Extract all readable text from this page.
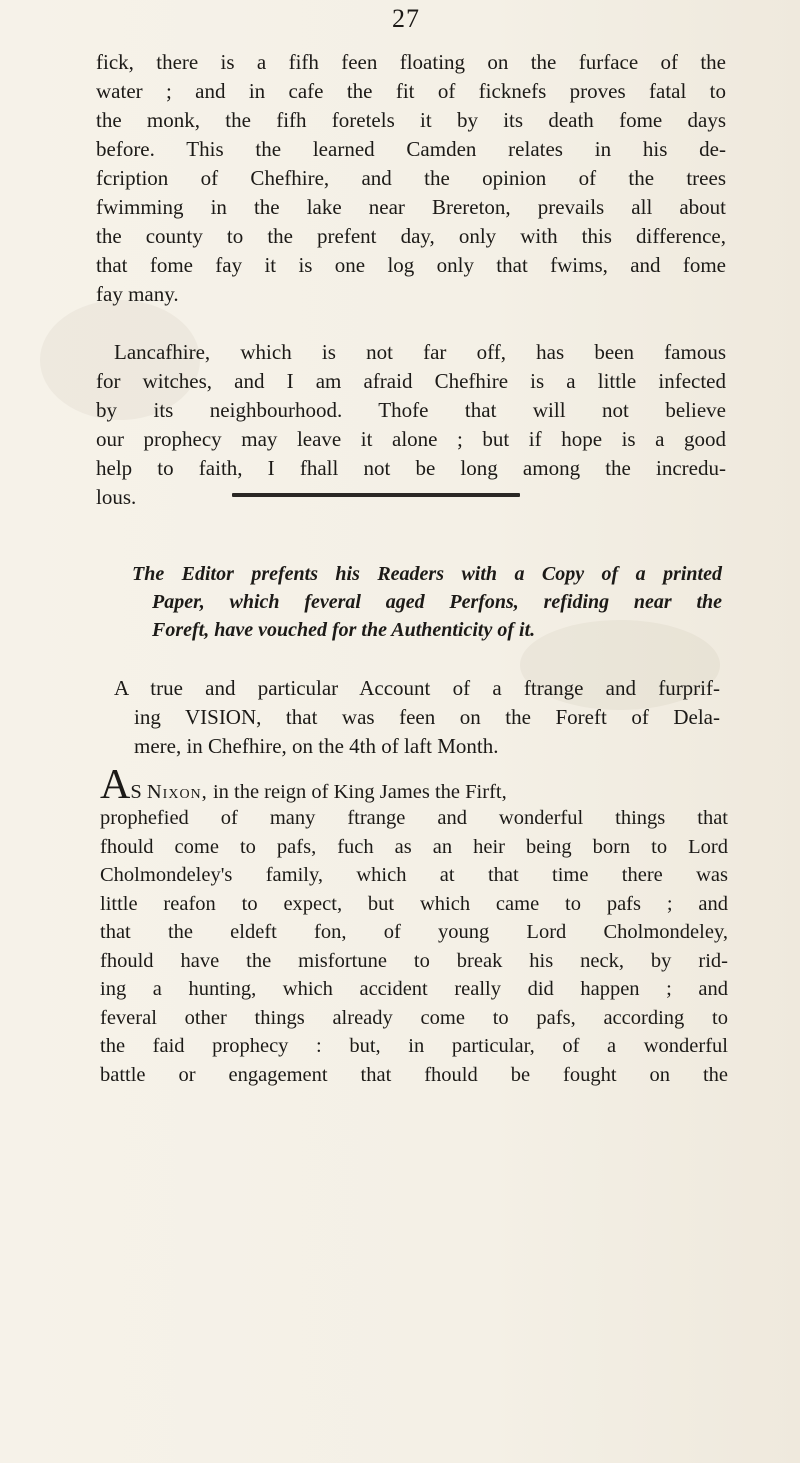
27
fick, there is a fifh feen floating on the furface of the
water ; and in cafe the fit of ficknefs proves fatal to
the monk, the fifh foretels it by its death fome days
before. This the learned Camden relates in his de-
fcription of Chefhire, and the opinion of the trees
fwimming in the lake near Brereton, prevails all about
the county to the prefent day, only with this difference,
that fome fay it is one log only that fwims, and fome
fay many.
Lancafhire, which is not far off, has been famous
for witches, and I am afraid Chefhire is a little infected
by its neighbourhood. Thofe that will not believe
our prophecy may leave it alone ; but if hope is a good
help to faith, I fhall not be long among the incredu-
lous.
The Editor prefents his Readers with a Copy of a printed
Paper, which feveral aged Perfons, refiding near the
Foreft, have vouched for the Authenticity of it.
A true and particular Account of a ftrange and furprif-
ing VISION, that was feen on the Foreft of Dela-
mere, in Chefhire, on the 4th of laft Month.
AS Nixon, in the reign of King James the Firft,
prophefied of many ftrange and wonderful things that
fhould come to pafs, fuch as an heir being born to Lord
Cholmondeley's family, which at that time there was
little reafon to expect, but which came to pafs ; and
that the eldeft fon, of young Lord Cholmondeley,
fhould have the misfortune to break his neck, by rid-
ing a hunting, which accident really did happen ; and
feveral other things already come to pafs, according to
the faid prophecy : but, in particular, of a wonderful
battle or engagement that fhould be fought on the
